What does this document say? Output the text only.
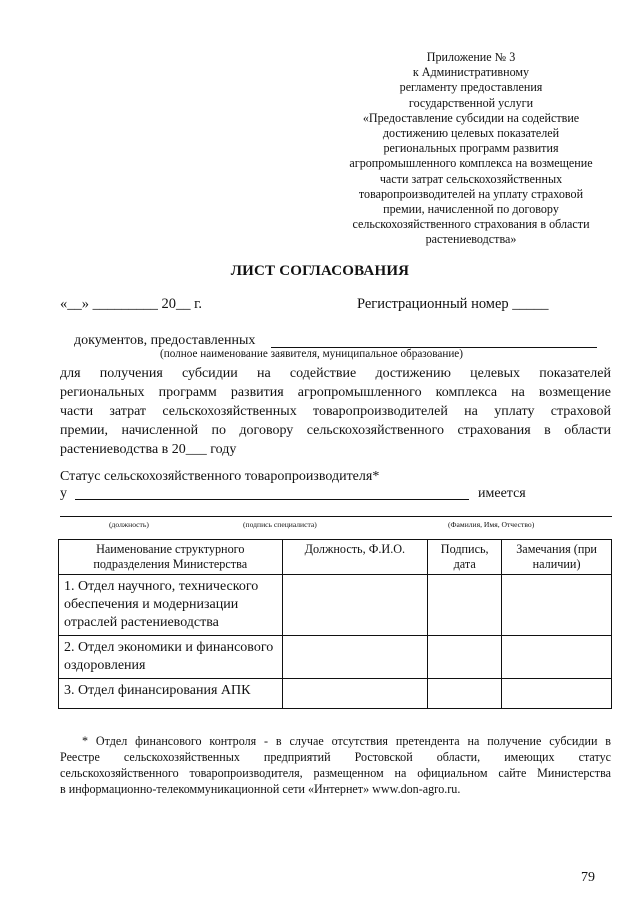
Приложение № 3
к Административному
регламенту предоставления
государственной услуги
«Предоставление субсидии на содействие
достижению целевых показателей
региональных программ развития
агропромышленного комплекса на возмещение
части затрат сельскохозяйственных
товаропроизводителей на уплату страховой
премии, начисленной по договору
сельскохозяйственного страхования в области
растениеводства»
ЛИСТ СОГЛАСОВАНИЯ
«__» _________ 20__ г.	Регистрационный номер _____
документов, предоставленных
(полное наименование заявителя, муниципальное образование)
для получения субсидии на содействие достижению целевых показателей
региональных программ развития агропромышленного комплекса на возмещение
части затрат сельскохозяйственных товаропроизводителей на уплату страховой
премии, начисленной по договору сельскохозяйственного страхования в области
растениеводства в 20___ году
Статус сельскохозяйственного товаропроизводителя*
у	имеется
(должность)	(подпись специалиста)	(Фамилия, Имя, Отчество)
Наименование структурного подразделения Министерства	Должность, Ф.И.О.	Подпись, дата	Замечания (при наличии)
1. Отдел научного, технического обеспечения и модернизации отраслей растениеводства			
2. Отдел экономики и финансового оздоровления			
3. Отдел финансирования АПК			
* Отдел финансового контроля - в случае отсутствия претендента на получение субсидии в
Реестре сельскохозяйственных предприятий Ростовской области, имеющих статус
сельскохозяйственного товаропроизводителя, размещенном на официальном сайте Министерства
в информационно-телекоммуникационной сети «Интернет» www.don-agro.ru.
79
